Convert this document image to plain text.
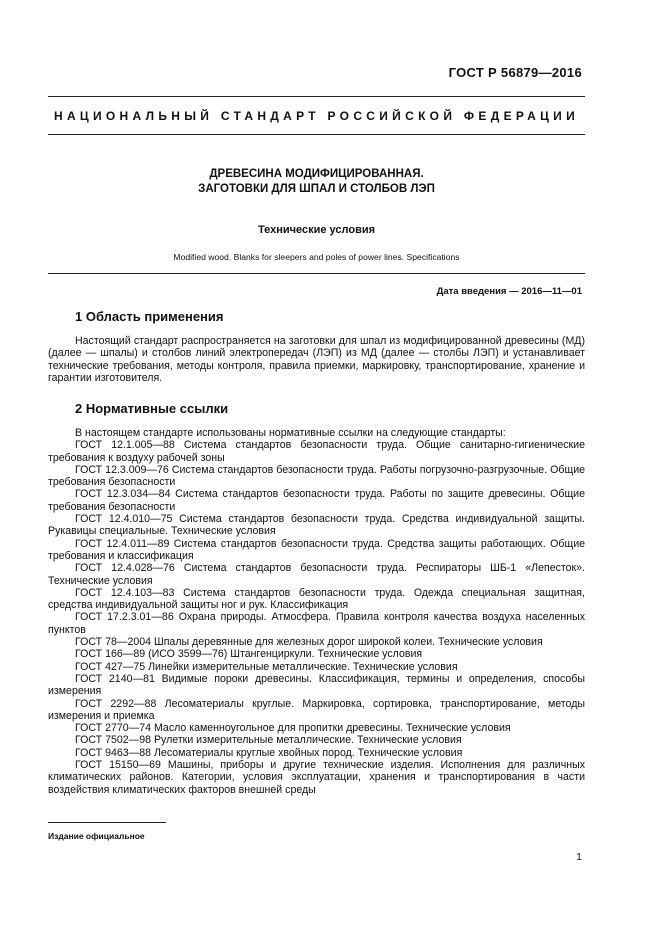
ГОСТ Р 56879—2016
НАЦИОНАЛЬНЫЙ СТАНДАРТ РОССИЙСКОЙ ФЕДЕРАЦИИ
ДРЕВЕСИНА МОДИФИЦИРОВАННАЯ.
ЗАГОТОВКИ ДЛЯ ШПАЛ И СТОЛБОВ ЛЭП
Технические условия
Modified wood. Blanks for sleepers and poles of power lines. Specifications
Дата введения — 2016—11—01
1 Область применения

Настоящий стандарт распространяется на заготовки для шпал из модифицированной древесины (МД) (далее — шпалы) и столбов линий электропередач (ЛЭП) из МД (далее — столбы ЛЭП) и устанавливает технические требования, методы контроля, правила приемки, маркировку, транспортирование, хранение и гарантии изготовителя.

2 Нормативные ссылки

В настоящем стандарте использованы нормативные ссылки на следующие стандарты:

ГОСТ 12.1.005—88 Система стандартов безопасности труда. Общие санитарно-гигиенические требования к воздуху рабочей зоны

ГОСТ 12.3.009—76 Система стандартов безопасности труда. Работы погрузочно-разгрузочные. Общие требования безопасности

ГОСТ 12.3.034—84 Система стандартов безопасности труда. Работы по защите древесины. Общие требования безопасности

ГОСТ 12.4.010—75 Система стандартов безопасности труда. Средства индивидуальной защиты. Рукавицы специальные. Технические условия

ГОСТ 12.4.011—89 Система стандартов безопасности труда. Средства защиты работающих. Общие требования и классификация

ГОСТ 12.4.028—76 Система стандартов безопасности труда. Респираторы ШБ-1 «Лепесток». Технические условия

ГОСТ 12.4.103—83 Система стандартов безопасности труда. Одежда специальная защитная, средства индивидуальной защиты ног и рук. Классификация

ГОСТ 17.2.3.01—86 Охрана природы. Атмосфера. Правила контроля качества воздуха населенных пунктов

ГОСТ 78—2004 Шпалы деревянные для железных дорог широкой колеи. Технические условия

ГОСТ 166—89 (ИСО 3599—76) Штангенциркули. Технические условия

ГОСТ 427—75 Линейки измерительные металлические. Технические условия

ГОСТ 2140—81 Видимые пороки древесины. Классификация, термины и определения, способы измерения

ГОСТ 2292—88 Лесоматериалы круглые. Маркировка, сортировка, транспортирование, методы измерения и приемка

ГОСТ 2770—74 Масло каменноугольное для пропитки древесины. Технические условия

ГОСТ 7502—98 Рулетки измерительные металлические. Технические условия

ГОСТ 9463—88 Лесоматериалы круглые хвойных пород. Технические условия

ГОСТ 15150—69 Машины, приборы и другие технические изделия. Исполнения для различных климатических районов. Категории, условия эксплуатации, хранения и транспортирования в части воздействия климатических факторов внешней среды

Издание официальное
1
